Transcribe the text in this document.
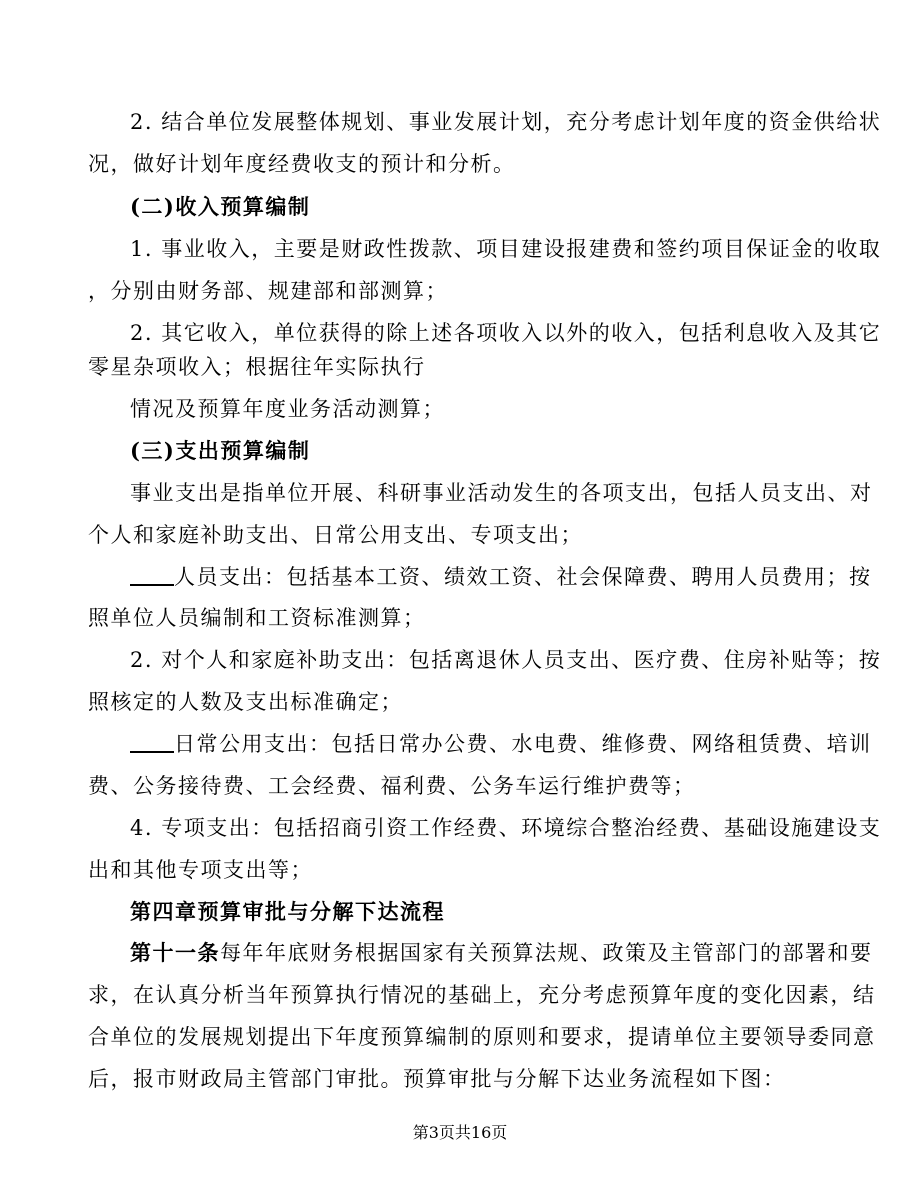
2. 结合单位发展整体规划、事业发展计划，充分考虑计划年度的资金供给状
况，做好计划年度经费收支的预计和分析。
(二)收入预算编制
1. 事业收入，主要是财政性拨款、项目建设报建费和签约项目保证金的收取
，分别由财务部、规建部和部测算；
2. 其它收入，单位获得的除上述各项收入以外的收入，包括利息收入及其它
零星杂项收入；根据往年实际执行
情况及预算年度业务活动测算；
(三)支出预算编制
事业支出是指单位开展、科研事业活动发生的各项支出，包括人员支出、对
个人和家庭补助支出、日常公用支出、专项支出；
人员支出：包括基本工资、绩效工资、社会保障费、聘用人员费用；按
照单位人员编制和工资标准测算；
2. 对个人和家庭补助支出：包括离退休人员支出、医疗费、住房补贴等；按
照核定的人数及支出标准确定；
日常公用支出：包括日常办公费、水电费、维修费、网络租赁费、培训
费、公务接待费、工会经费、福利费、公务车运行维护费等；
4. 专项支出：包括招商引资工作经费、环境综合整治经费、基础设施建设支
出和其他专项支出等；
第四章预算审批与分解下达流程
第十一条每年年底财务根据国家有关预算法规、政策及主管部门的部署和要
求，在认真分析当年预算执行情况的基础上，充分考虑预算年度的变化因素，结
合单位的发展规划提出下年度预算编制的原则和要求，提请单位主要领导委同意
后，报市财政局主管部门审批。预算审批与分解下达业务流程如下图：
第3页共16页
